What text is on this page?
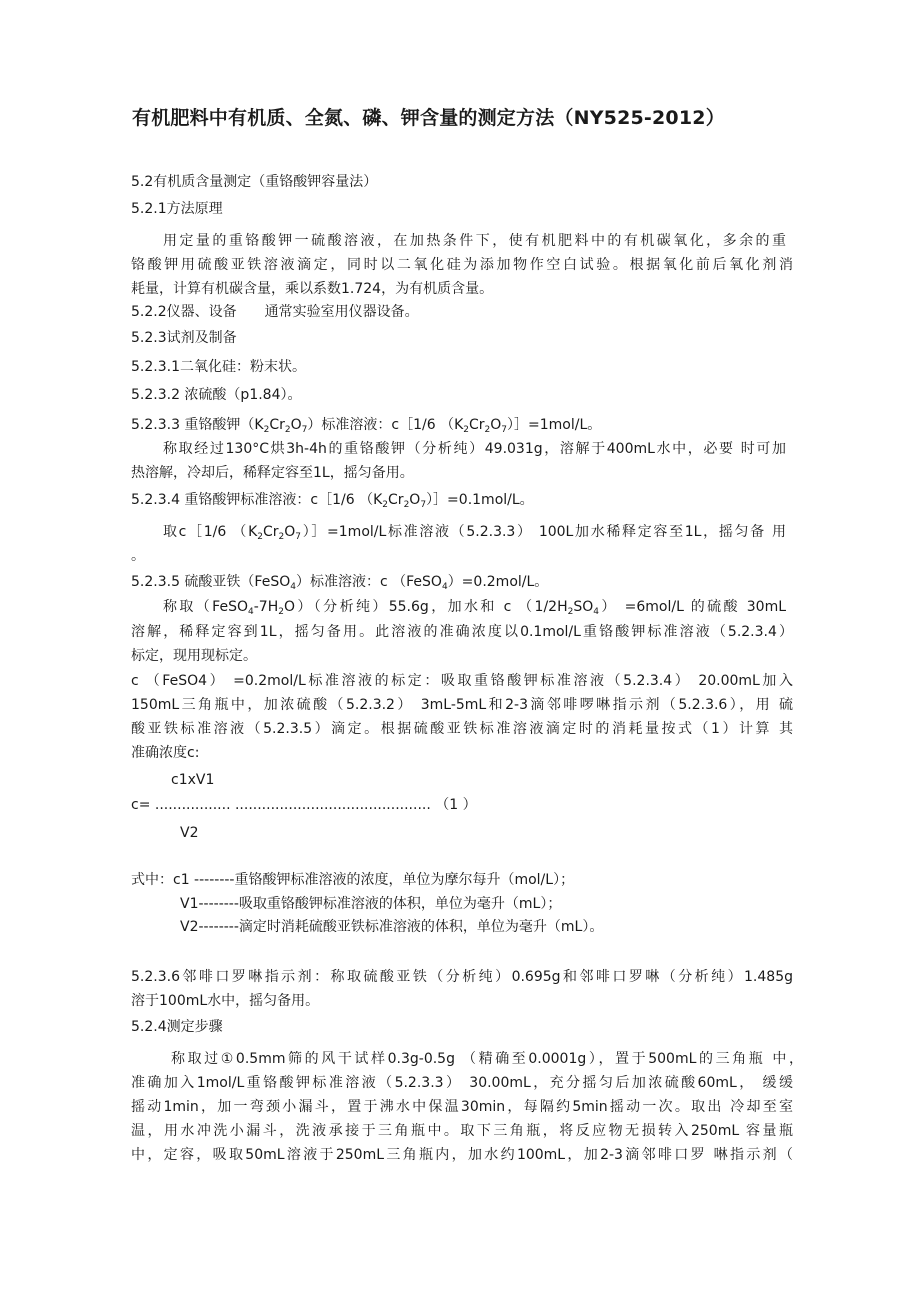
有机肥料中有机质、全氮、磷、钾含量的测定方法（NY525-2012）
5.2有机质含量测定（重铬酸钾容量法）
5.2.1方法原理
用定量的重铬酸钾一硫酸溶液，在加热条件下，使有机肥料中的有机碳氧化，多余的重
铬酸钾用硫酸亚铁溶液滴定，同时以二氧化硅为添加物作空白试验。根据氧化前后氧化剂消
耗量，计算有机碳含量，乘以系数1.724，为有机质含量。
5.2.2仪器、设备　　通常实验室用仪器设备。
5.2.3试剂及制备
5.2.3.1二氧化硅：粉末状。
5.2.3.2 浓硫酸（p1.84）。
5.2.3.3 重铬酸钾$(K_2Cr_2O_7)$标准溶液：c［1/6 $(K_2Cr_2O_7)]=1mol/L$。
称取经过130°C烘3h-4h的重铬酸钾（分析纯）49.031g，溶解于400mL水中，必要 时可加
热溶解，冷却后，稀释定容至1L，摇匀备用。
5.2.3.4 重铬酸钾标准溶液：c［1/6 $(K_2Cr_2O_7)]=0.1mol/L$。
取c［1/6 $(K_2Cr_2O_7)]=1mol/L$标准溶液（5.2.3.3） 100L加水稀释定容至1L，摇匀备 用
。
5.2.3.5 硫酸亚铁（FeSO$_4$）标准溶液：c （FeSO$_4$）=0.2mol/L。
称取$(FeSO_4-7H_2O)$（分析纯）55.6g，加水和 c $(1/2H_2SO_4) =6mol/L$ 的硫酸 30mL
溶解，稀释定容到1L，摇匀备用。此溶液的准确浓度以0.1mol/L重铬酸钾标准溶液（5.2.3.4）
标定，现用现标定。
c （FeSO4） =0.2mol/L标准溶液的标定：吸取重铬酸钾标准溶液（5.2.3.4） 20.00mL加入
150mL三角瓶中，加浓硫酸（5.2.3.2） 3mL-5mL和2-3滴邻啡啰啉指示剂（5.2.3.6），用 硫
酸亚铁标准溶液（5.2.3.5）滴定。根据硫酸亚铁标准溶液滴定时的消耗量按式（1）计算 其
准确浓度c:
c1xV1
c= ................. ............................................ （1 ）
V2
式中：c1 --------重铬酸钾标准溶液的浓度，单位为摩尔每升（mol/L）；
V1--------吸取重铬酸钾标准溶液的体积，单位为毫升（mL）；
V2--------滴定时消耗硫酸亚铁标准溶液的体积，单位为毫升（mL）。
5.2.3.6邻啡口罗啉指示剂：称取硫酸亚铁（分析纯）0.695g和邻啡口罗啉（分析纯）1.485g
溶于100mL水中，摇匀备用。
5.2.4测定步骤
称取过①0.5mm筛的风干试样0.3g-0.5g （精确至0.0001g），置于500mL的三角瓶 中，
准确加入1mol/L重铬酸钾标准溶液（5.2.3.3） 30.00mL，充分摇匀后加浓硫酸60mL， 缓缓
摇动1min，加一弯颈小漏斗，置于沸水中保温30min，每隔约5min摇动一次。取出 冷却至室
温，用水冲洗小漏斗，洗液承接于三角瓶中。取下三角瓶，将反应物无损转入250mL 容量瓶
中，定容，吸取50mL溶液于250mL三角瓶内，加水约100mL，加2-3滴邻啡口罗 啉指示剂（
